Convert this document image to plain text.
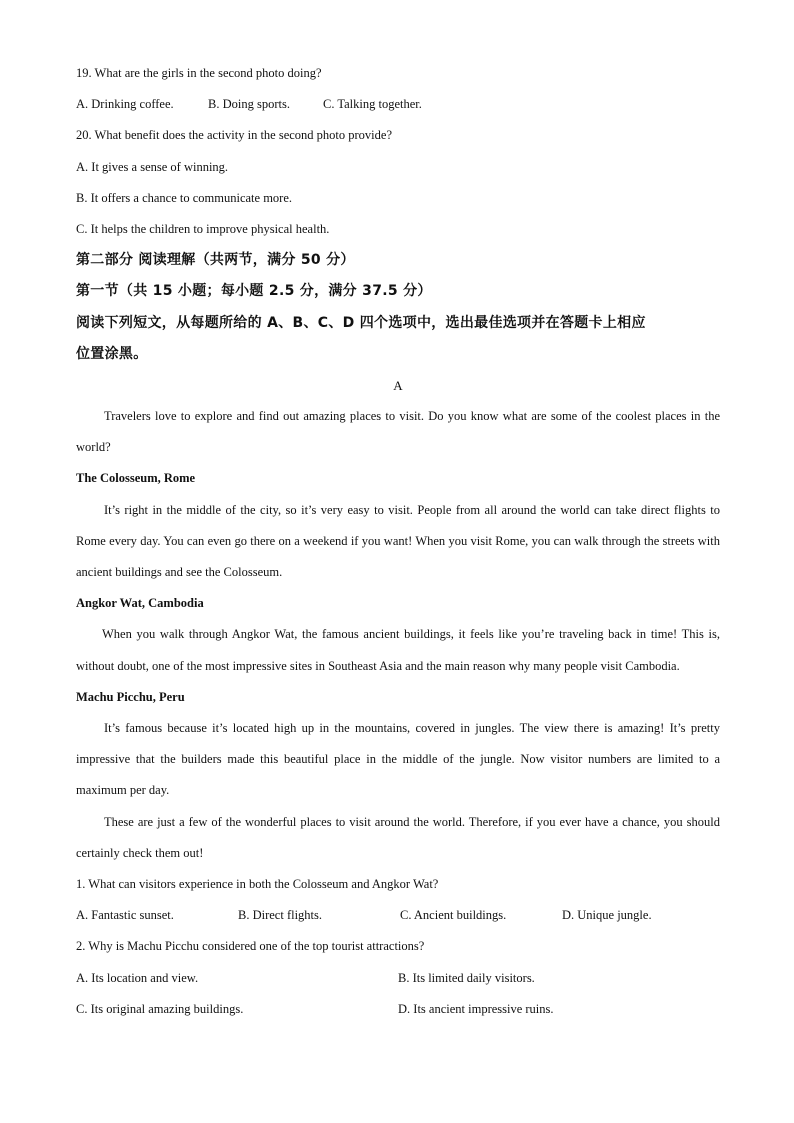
19. What are the girls in the second photo doing?
A. Drinking coffee.	B. Doing sports.	C. Talking together.
20. What benefit does the activity in the second photo provide?
A. It gives a sense of winning.
B. It offers a chance to communicate more.
C. It helps the children to improve physical health.
第二部分 阅读理解（共两节，满分 50 分）
第一节（共 15 小题；每小题 2.5 分，满分 37.5 分）
阅读下列短文，从每题所给的 A、B、C、D 四个选项中，选出最佳选项并在答题卡上相应
位置涂黑。
A
Travelers love to explore and find out amazing places to visit. Do you know what are some of the coolest places in the world?
The Colosseum, Rome
It’s right in the middle of the city, so it’s very easy to visit. People from all around the world can take direct flights to Rome every day. You can even go there on a weekend if you want! When you visit Rome, you can walk through the streets with ancient buildings and see the Colosseum.
Angkor Wat, Cambodia
When you walk through Angkor Wat, the famous ancient buildings, it feels like you’re traveling back in time! This is, without doubt, one of the most impressive sites in Southeast Asia and the main reason why many people visit Cambodia.
Machu Picchu, Peru
It’s famous because it’s located high up in the mountains, covered in jungles. The view there is amazing! It’s pretty impressive that the builders made this beautiful place in the middle of the jungle. Now visitor numbers are limited to a maximum per day.
These are just a few of the wonderful places to visit around the world. Therefore, if you ever have a chance, you should certainly check them out!
1. What can visitors experience in both the Colosseum and Angkor Wat?
A. Fantastic sunset.	B. Direct flights.	C. Ancient buildings.	D. Unique jungle.
2. Why is Machu Picchu considered one of the top tourist attractions?
A. Its location and view.	B. Its limited daily visitors.
C. Its original amazing buildings.	D. Its ancient impressive ruins.
